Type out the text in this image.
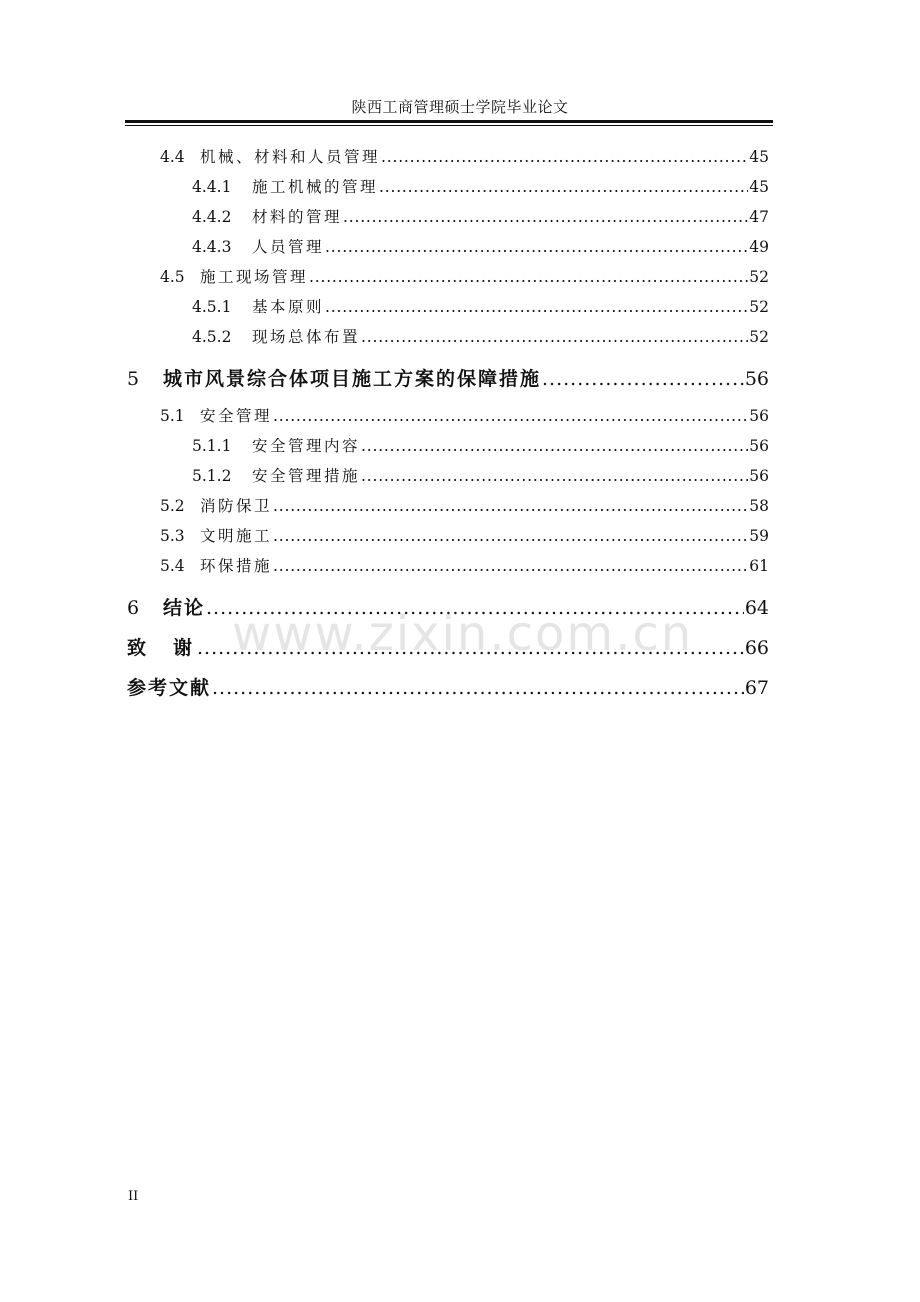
陕西工商管理硕士学院毕业论文
4.4 机械、材料和人员管理 .....	45
4.4.1	施工机械的管理 .....	45
4.4.2	材料的管理 .....	47
4.4.3	人员管理 .....	49
4.5 施工现场管理 .....	52
4.5.1	基本原则 .....	52
4.5.2	现场总体布置 .....	52
5	城市风景综合体项目施工方案的保障措施 .....	56
5.1 安全管理 .....	56
5.1.1	安全管理内容 .....	56
5.1.2	安全管理措施 .....	56
5.2 消防保卫 .....	58
5.3 文明施工 .....	59
5.4 环保措施 .....	61
6	结论 .....	64
致　谢 .....	66
参考文献 .....	67
www.zixin.com.cn
II
